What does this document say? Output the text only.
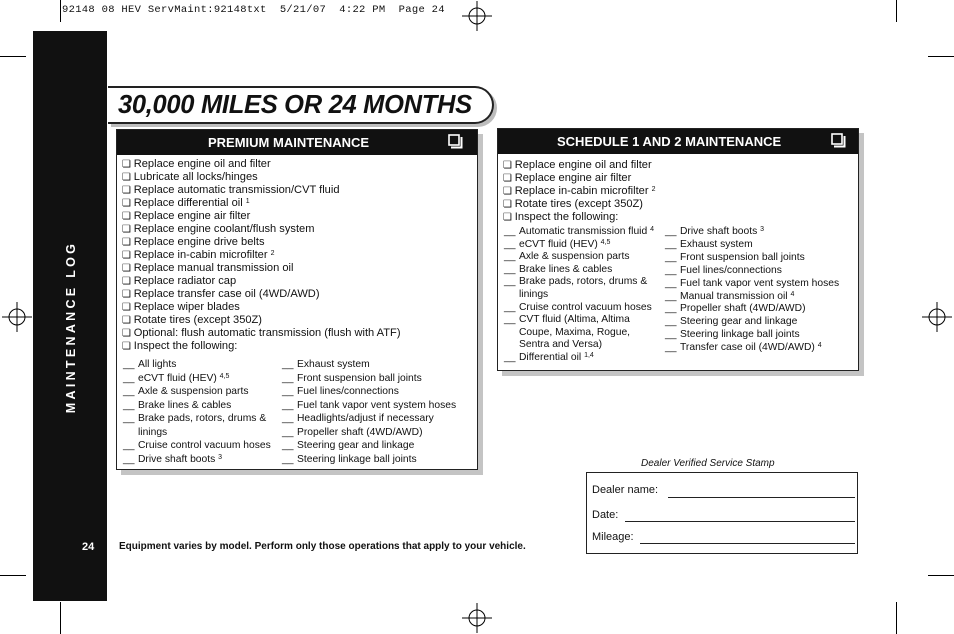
92148 08 HEV ServMaint:92148txt  5/21/07  4:22 PM  Page 24
MAINTENANCE LOG
24
30,000 MILES OR 24 MONTHS
PREMIUM MAINTENANCE
❏ Replace engine oil and filter
❏ Lubricate all locks/hinges
❏ Replace automatic transmission/CVT fluid
❏ Replace differential oil $^1$
❏ Replace engine air filter
❏ Replace engine coolant/flush system
❏ Replace engine drive belts
❏ Replace in-cabin microfilter $^2$
❏ Replace manual transmission oil
❏ Replace radiator cap
❏ Replace transfer case oil (4WD/AWD)
❏ Replace wiper blades
❏ Rotate tires (except 350Z)
❏ Optional: flush automatic transmission (flush with ATF)
❏ Inspect the following:
__ All lights
__ eCVT fluid (HEV) $^{4,5}$
__ Axle & suspension parts
__ Brake lines & cables
__ Brake pads, rotors, drums &
linings
__ Cruise control vacuum hoses
__ Drive shaft boots $^3$
__ Exhaust system
__ Front suspension ball joints
__ Fuel lines/connections
__ Fuel tank vapor vent system hoses
__ Headlights/adjust if necessary
__ Propeller shaft (4WD/AWD)
__ Steering gear and linkage
__ Steering linkage ball joints
SCHEDULE 1 AND 2 MAINTENANCE
❏ Replace engine oil and filter
❏ Replace engine air filter
❏ Replace in-cabin microfilter $^2$
❏ Rotate tires (except 350Z)
❏ Inspect the following:
__ Automatic transmission fluid $^4$
__ eCVT fluid (HEV) $^{4,5}$
__ Axle & suspension parts
__ Brake lines & cables
__ Brake pads, rotors, drums &
linings
__ Cruise control vacuum hoses
__ CVT fluid (Altima, Altima
Coupe, Maxima, Rogue,
Sentra and Versa)
__ Differential oil $^{1,4}$
__ Drive shaft boots $^3$
__ Exhaust system
__ Front suspension ball joints
__ Fuel lines/connections
__ Fuel tank vapor vent system hoses
__ Manual transmission oil $^4$
__ Propeller shaft (4WD/AWD)
__ Steering gear and linkage
__ Steering linkage ball joints
__ Transfer case oil (4WD/AWD) $^4$
Equipment varies by model. Perform only those operations that apply to your vehicle.
Dealer Verified Service Stamp
Dealer name:
Date:
Mileage:
